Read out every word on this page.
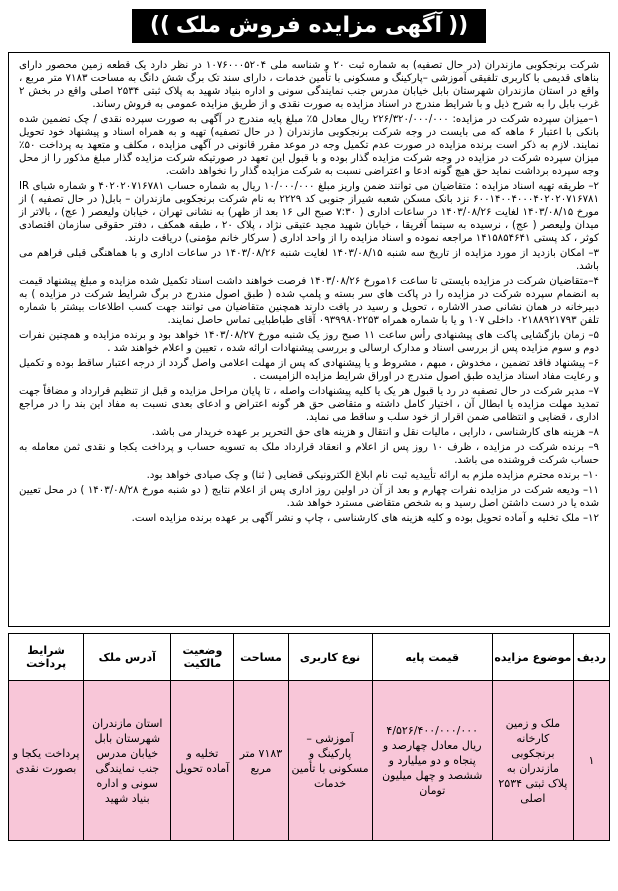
((
آگهی مزایده فروش ملک
))

شرکت برنجکوبی مازندران (در حال تصفیه) به شماره ثبت ۲۰ و شناسه ملی ۱۰۷۶۰۰۰۵۲۰۴ در نظر دارد یک قطعه زمین محصور دارای بناهای قدیمی با کاربری تلفیقی آموزشی –پارکینگ و مسکونی با تأمین خدمات ، دارای سند تک برگ شش دانگ به مساحت ۷۱۸۳ متر مربع ، واقع در استان مازندران شهرستان بابل خیابان مدرس جنب نمایندگی سونی و اداره بنیاد شهید به پلاک ثبتی ۲۵۳۴ اصلی واقع در بخش ۲ غرب بابل را به شرح ذیل و با شرایط مندرج در اسناد مزایده به صورت نقدی و از طریق مزایده عمومی به فروش رساند.

۱–میزان سپرده شرکت در مزایده: ۲۲۶/۳۲۰/۰۰۰/۰۰۰ ریال معادل ۵٪ مبلغ پایه مندرج در آگهی به صورت سپرده نقدی / چک تضمین شده بانکی با اعتبار ۶ ماهه که می بایست در وجه شرکت برنجکوبی مازندران ( در حال تصفیه) تهیه و به همراه اسناد و پیشنهاد خود تحویل نمایند. لازم به ذکر است برنده مزایده در صورت عدم تکمیل وجه در موعد مقرر قانونی در آگهی مزایده ، مکلف و متعهد به پرداخت ۵۰٪ میزان سپرده شرکت در مزایده در وجه شرکت مزایده گذار بوده و با قبول این تعهد در صورتیکه شرکت مزایده گذار مبلغ مذکور را از محل وجه سپرده برداشت نماید حق هیچ گونه ادعا و اعتراضی نسبت به شرکت مزایده گذار را نخواهد داشت.

۲– طریقه تهیه اسناد مزایده : متقاضیان می توانند ضمن واریز مبلغ ۱۰/۰۰۰/۰۰۰ ریال به شماره حساب ۴۰۲۰۲۰۷۱۶۷۸۱ و شماره شبای IR ۶۰۰۱۴۰۰۴۰۰۰۴۰۲۰۲۰۷۱۶۷۸۱ نزد بانک مسکن شعبه شیراز جنوبی کد ۲۲۲۹ به نام شرکت برنجکوبی مازندران – بابل( در حال تصفیه ) از مورخ ۱۴۰۳/۰۸/۱۵ لغایت ۱۴۰۳/۰۸/۲۶ در ساعات اداری ( ۷:۳۰ صبح الی ۱۶ بعد از ظهر) به نشانی تهران ، خیابان ولیعصر ( عج) ، بالاتر از میدان ولیعصر ( عج) ، نرسیده به سینما آفریقا ، خیابان شهید مجید عتیقی نژاد ، پلاک ۲۰ ، طبقه همکف ، دفتر حقوقی سازمان اقتصادی کوثر ، کد پستی ۱۴۱۵۸۵۴۶۴۱ مراجعه نموده و اسناد مزایده را از واحد اداری ( سرکار خانم مؤمنی) دریافت دارند.

۳– امکان بازدید از مورد مزایده از تاریخ سه شنبه ۱۴۰۳/۰۸/۱۵ لغایت شنبه ۱۴۰۳/۰۸/۲۶ در ساعات اداری و با هماهنگی قبلی فراهم می باشد.

۴–متقاضیان شرکت در مزایده بایستی تا ساعت ۱۶مورخ ۱۴۰۳/۰۸/۲۶ فرصت خواهند داشت اسناد تکمیل شده مزایده و مبلغ پیشنهاد قیمت به انضمام سپرده شرکت در مزایده را در پاکت های سر بسته و پلمپ شده ( طبق اصول مندرج در برگ شرایط شرکت در مزایده ) به دبیرخانه در همان نشانی صدر الاشاره ، تحویل و رسید در یافت دارند همچنین متقاضیان می توانند جهت کسب اطلاعات بیشتر با شماره تلفن ۰۲۱۸۸۹۲۱۷۹۳ داخلی ۱۰۷ و یا با شماره همراه ۰۹۳۹۹۸۰۲۲۵۳ آقای طباطبایی تماس حاصل نمایند.

۵– زمان بازگشایی پاکت های پیشنهادی رأس ساعت ۱۱ صبح روز یک شنبه مورخ ۱۴۰۳/۰۸/۲۷ خواهد بود و برنده مزایده و همچنین نفرات دوم و سوم مزایده پس از بررسی اسناد و مدارک ارسالی و بررسی پیشنهادات ارائه شده ، تعیین و اعلام خواهند شد .

۶– پیشنهاد فاقد تضمین ، مخدوش ، مبهم ، مشروط و یا پیشنهادی که پس از مهلت اعلامی واصل گردد از درجه اعتبار ساقط بوده و تکمیل و رعایت مفاد اسناد مزایده طبق اصول مندرج در اوراق شرایط مزایده الزامیست .

۷– مدیر شرکت در حال تصفیه در رد یا قبول هر یک یا کلیه پیشنهادات واصله ، تا پایان مراحل مزایده و قبل از تنظیم قرارداد و مضافاً جهت تمدید مهلت مزایده یا ابطال آن ، اختیار کامل داشته و متقاضی حق هر گونه اعتراض و ادعای بعدی نسبت به مفاد این بند را در مراجع اداری ، قضایی و انتظامی ضمن اقرار از خود سلب و ساقط می نماید.

۸– هزینه های کارشناسی ، دارایی ، مالیات نقل و انتقال و هزینه های حق التحریر بر عهده خریدار می باشد.

۹– برنده شرکت در مزایده ، ظرف ۱۰ روز پس از اعلام و انعقاد قرارداد ملک به تسویه حساب و پرداخت یکجا و نقدی ثمن معامله به حساب شرکت فروشنده می باشد.

۱۰– برنده محترم مزایده ملزم به ارائه تأییدیه ثبت نام ابلاغ الکترونیکی قضایی ( ثنا) و چک صیادی خواهد بود.

۱۱– ودیعه شرکت در مزایده نفرات چهارم و بعد از آن در اولین روز اداری پس از اعلام نتایج ( دو شنبه مورخ ۱۴۰۳/۰۸/۲۸ ) در محل تعیین شده یا در دست داشتن اصل رسید و به شخص متقاضی مسترد خواهد شد.

۱۲– ملک تخلیه و آماده تحویل بوده و کلیه هزینه های کارشناسی ، چاپ و نشر آگهی بر عهده برنده مزایده است.

ردیف	موضوع مزایده	قیمت پایه	نوع کاربری	مساحت	وضعیت مالکیت	آدرس ملک	شرایط پرداخت
۱	ملک و زمین کارخانه برنجکوبی مازندران به پلاک ثبتی ۲۵۳۴ اصلی	۴/۵۲۶/۴۰۰/۰۰۰/۰۰۰ ریال معادل چهارصد و پنجاه و دو میلیارد و ششصد و چهل میلیون تومان	آموزشی –پارکینگ و مسکونی با تأمین خدمات	۷۱۸۳ متر مربع	تخلیه و آماده تحویل	استان مازندران شهرستان بابل خیابان مدرس جنب نمایندگی سونی و اداره بنیاد شهید	پرداخت یکجا و بصورت نقدی
